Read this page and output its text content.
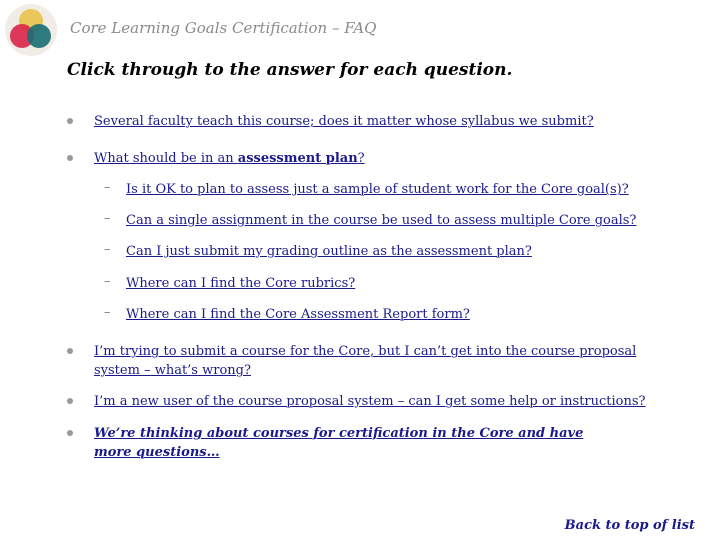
Core Learning Goals Certification – FAQ
Click through to the answer for each question.
Several faculty teach this course; does it matter whose syllabus we submit?
What should be in an assessment plan?
– Is it OK to plan to assess just a sample of student work for the Core goal(s)?
– Can a single assignment in the course be used to assess multiple Core goals?
– Can I just submit my grading outline as the assessment plan?
– Where can I find the Core rubrics?
– Where can I find the Core Assessment Report form?
I’m trying to submit a course for the Core, but I can’t get into the course proposal system – what’s wrong?
I’m a new user of the course proposal system – can I get some help or instructions?
We’re thinking about courses for certification in the Core and have more questions…
Back to top of list
